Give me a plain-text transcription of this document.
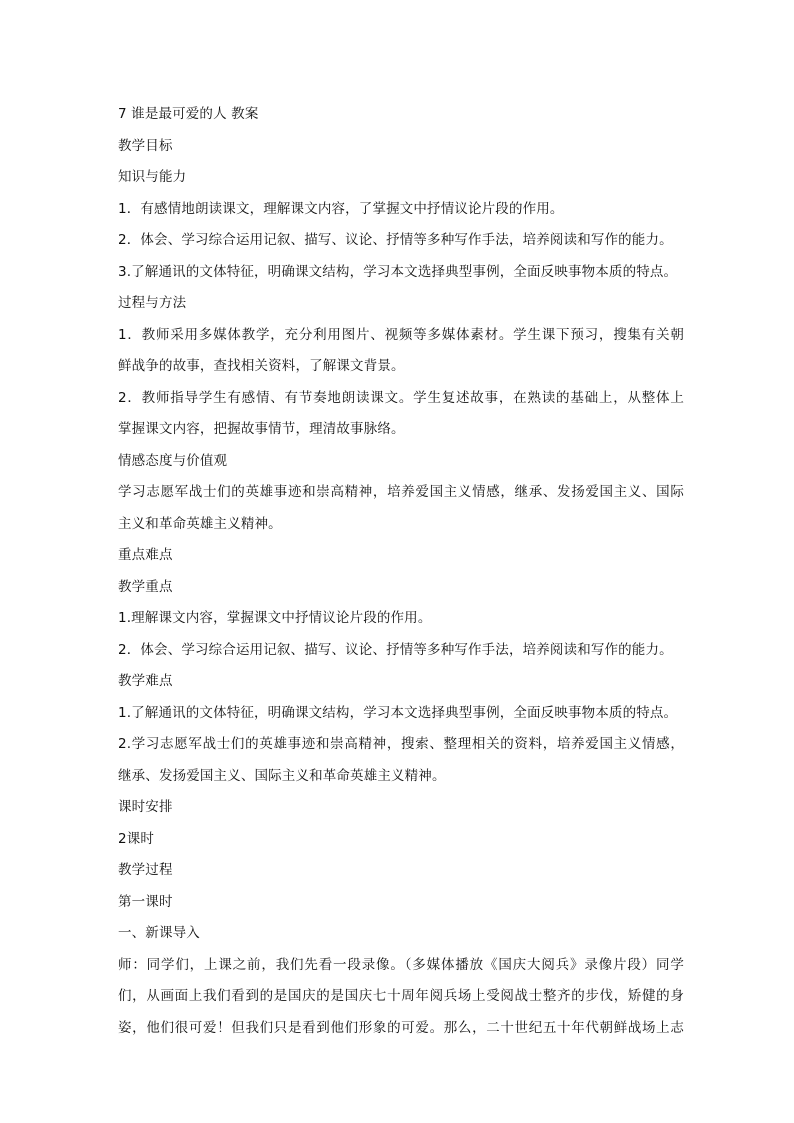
7 谁是最可爱的人 教案
教学目标
知识与能力
1．有感情地朗读课文，理解课文内容，了掌握文中抒情议论片段的作用。
2．体会、学习综合运用记叙、描写、议论、抒情等多种写作手法，培养阅读和写作的能力。
3.了解通讯的文体特征，明确课文结构，学习本文选择典型事例，全面反映事物本质的特点。
过程与方法
1．教师采用多媒体教学，充分利用图片、视频等多媒体素材。学生课下预习，搜集有关朝
鲜战争的故事，查找相关资料，了解课文背景。
2．教师指导学生有感情、有节奏地朗读课文。学生复述故事，在熟读的基础上，从整体上
掌握课文内容，把握故事情节，理清故事脉络。
情感态度与价值观
学习志愿军战士们的英雄事迹和崇高精神，培养爱国主义情感，继承、发扬爱国主义、国际
主义和革命英雄主义精神。
重点难点
教学重点
1.理解课文内容，掌握课文中抒情议论片段的作用。
2．体会、学习综合运用记叙、描写、议论、抒情等多种写作手法，培养阅读和写作的能力。
教学难点
1.了解通讯的文体特征，明确课文结构，学习本文选择典型事例，全面反映事物本质的特点。
2.学习志愿军战士们的英雄事迹和崇高精神，搜索、整理相关的资料，培养爱国主义情感，
继承、发扬爱国主义、国际主义和革命英雄主义精神。
课时安排
2课时
教学过程
第一课时
一、新课导入
师：同学们，上课之前，我们先看一段录像。（多媒体播放《国庆大阅兵》录像片段）同学
们，从画面上我们看到的是国庆的是国庆七十周年阅兵场上受阅战士整齐的步伐，矫健的身
姿，他们很可爱！但我们只是看到他们形象的可爱。那么，二十世纪五十年代朝鲜战场上志
